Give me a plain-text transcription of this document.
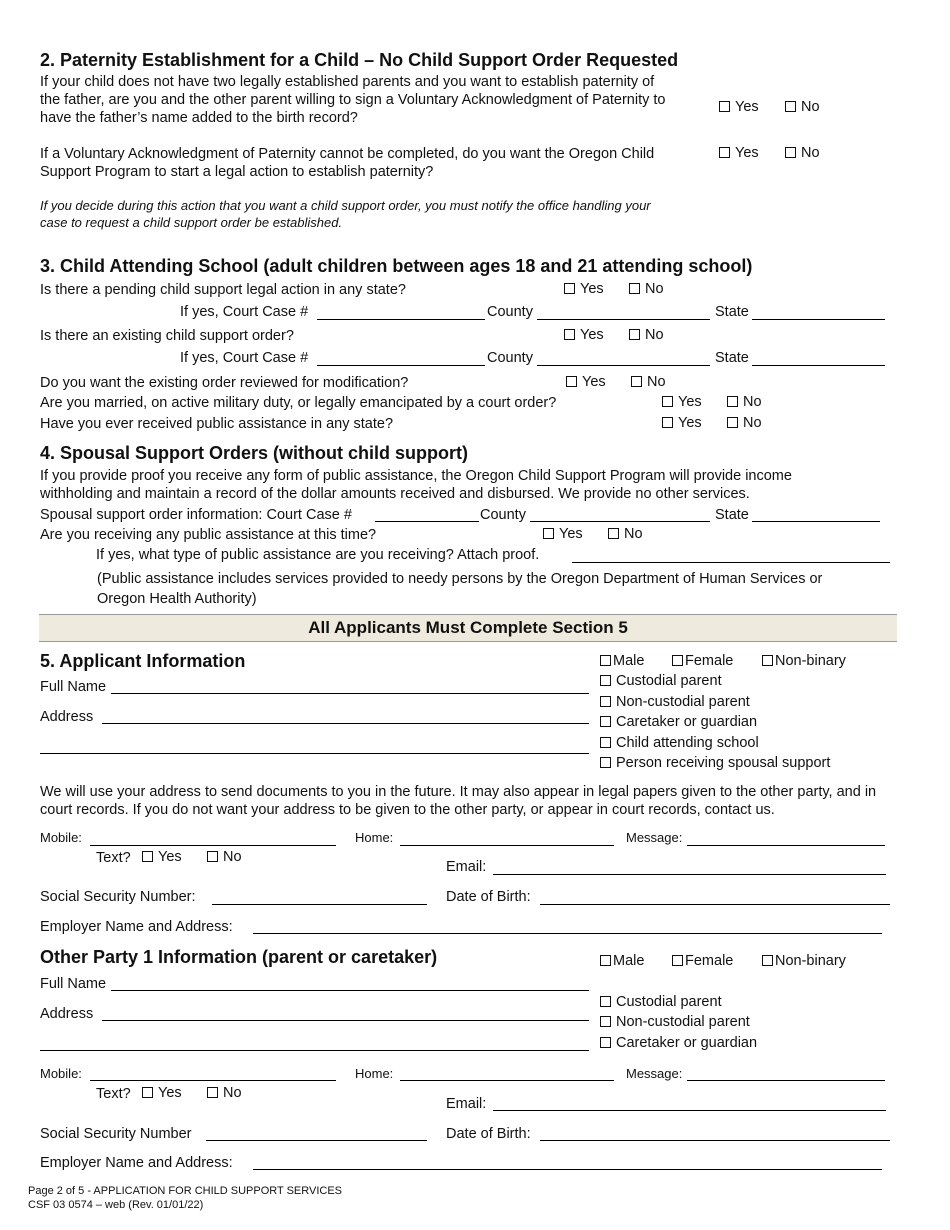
2. Paternity Establishment for a Child – No Child Support Order Requested
If your child does not have two legally established parents and you want to establish paternity of
the father, are you and the other parent willing to sign a Voluntary Acknowledgment of Paternity to
have the father’s name added to the birth record?
Yes	No
If a Voluntary Acknowledgment of Paternity cannot be completed, do you want the Oregon Child
Support Program to start a legal action to establish paternity?
Yes	No
If you decide during this action that you want a child support order, you must notify the office handling your
case to request a child support order be established.
3. Child Attending School (adult children between ages 18 and 21 attending school)
Is there a pending child support legal action in any state?	Yes	No
If yes, Court Case #	County	State
Is there an existing child support order?	Yes	No
If yes, Court Case #	County	State
Do you want the existing order reviewed for modification?	Yes	No
Are you married, on active military duty, or legally emancipated by a court order?	Yes	No
Have you ever received public assistance in any state?	Yes	No
4. Spousal Support Orders (without child support)
If you provide proof you receive any form of public assistance, the Oregon Child Support Program will provide income
withholding and maintain a record of the dollar amounts received and disbursed. We provide no other services.
Spousal support order information: Court Case #	County	State
Are you receiving any public assistance at this time?	Yes	No
If yes, what type of public assistance are you receiving? Attach proof.
(Public assistance includes services provided to needy persons by the Oregon Department of Human Services or
Oregon Health Authority)
All Applicants Must Complete Section 5
5. Applicant Information
Full Name
Address
Male	Female	Non-binary
Custodial parent
Non-custodial parent
Caretaker or guardian
Child attending school
Person receiving spousal support
We will use your address to send documents to you in the future. It may also appear in legal papers given to the other party, and in
court records. If you do not want your address to be given to the other party, or appear in court records, contact us.
Mobile:	Home:	Message:
Text?	Yes	No
Email:
Social Security Number:	Date of Birth:
Employer Name and Address:
Other Party 1 Information (parent or caretaker)
Full Name
Address
Male	Female	Non-binary
Custodial parent
Non-custodial parent
Caretaker or guardian
Mobile:	Home:	Message:
Text?	Yes	No
Email:
Social Security Number	Date of Birth:
Employer Name and Address:
Page 2 of 5 - APPLICATION FOR CHILD SUPPORT SERVICES
CSF 03 0574 – web (Rev. 01/01/22)
